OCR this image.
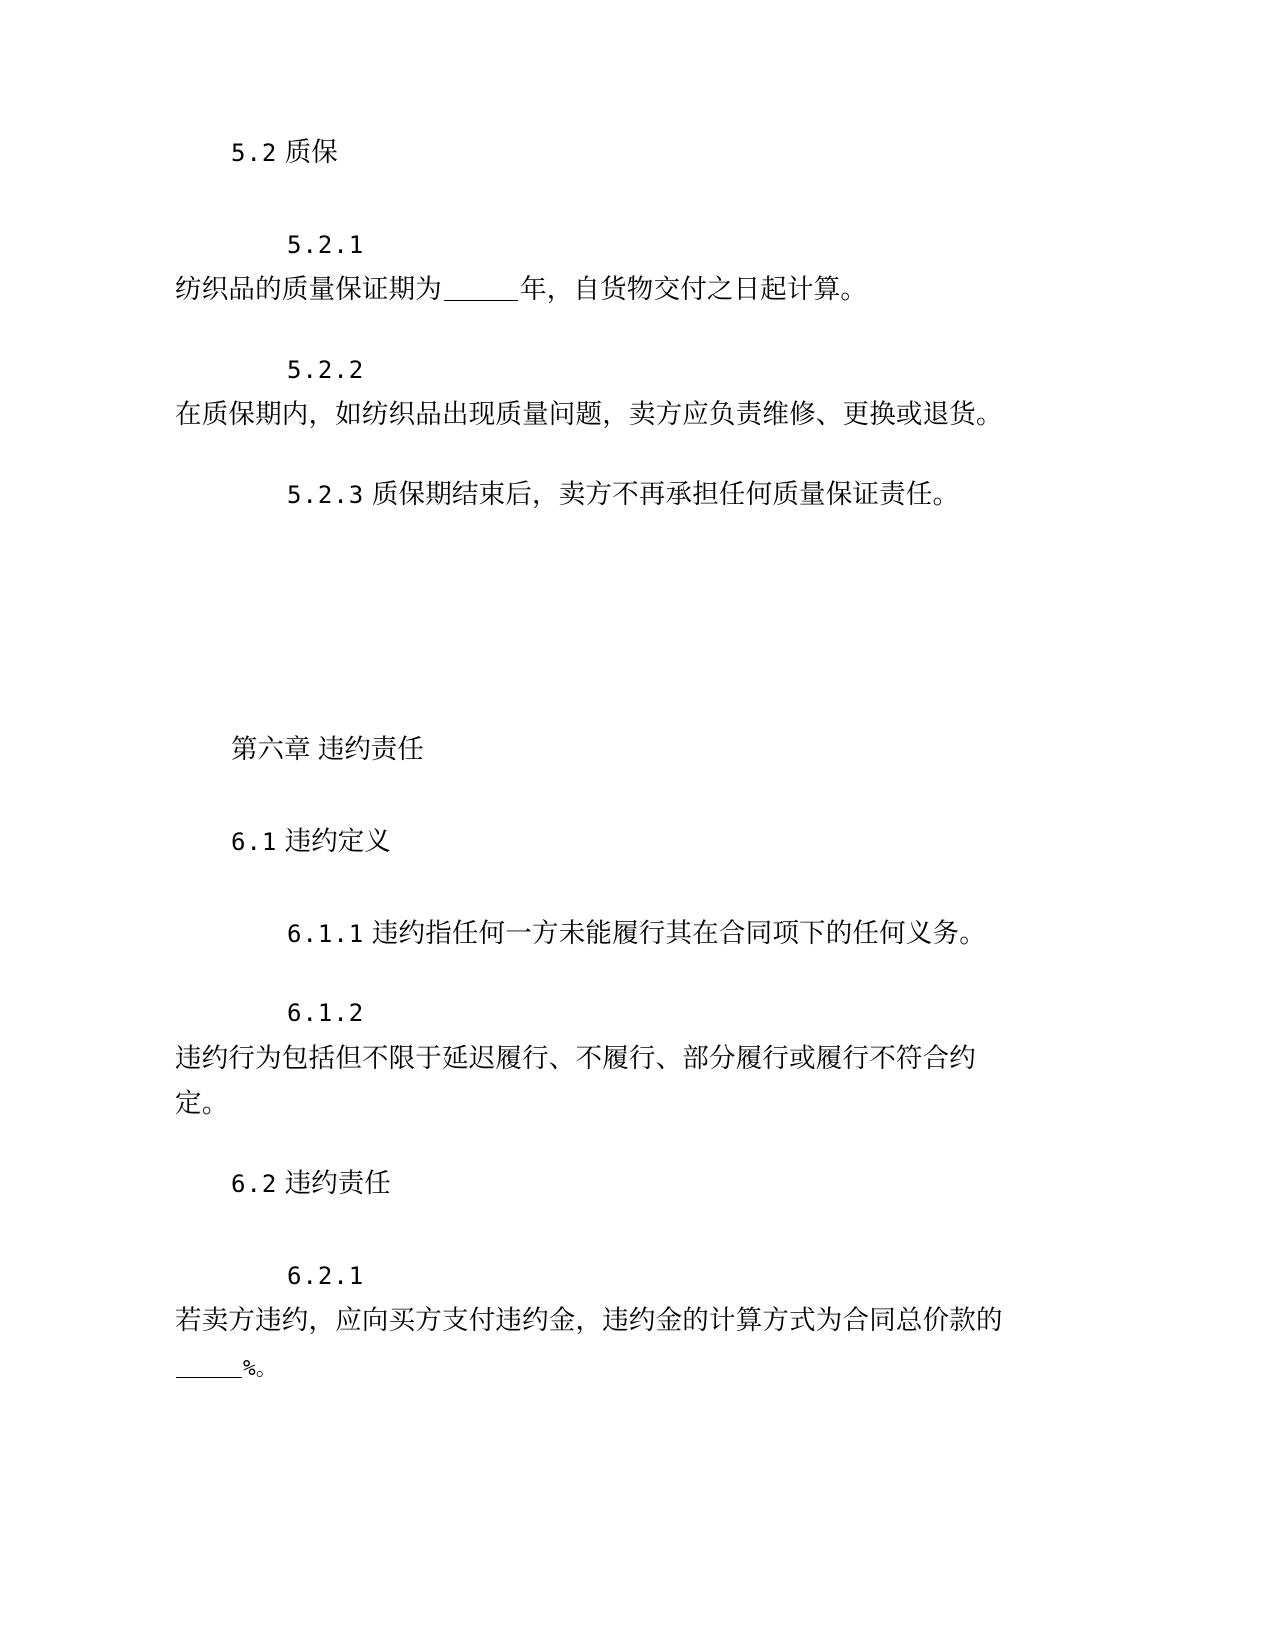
5.2 质保

5.2.1

纺织品的质量保证期为	年，自货物交付之日起计算。

5.2.2

在质保期内，如纺织品出现质量问题，卖方应负责维修、更换或退货。

5.2.3 质保期结束后，卖方不再承担任何质量保证责任。

第六章 违约责任

6.1 违约定义

6.1.1 违约指任何一方未能履行其在合同项下的任何义务。

6.1.2

违约行为包括但不限于延迟履行、不履行、部分履行或履行不符合约定。

6.2 违约责任

6.2.1

若卖方违约，应向买方支付违约金，违约金的计算方式为合同总价款的%。
